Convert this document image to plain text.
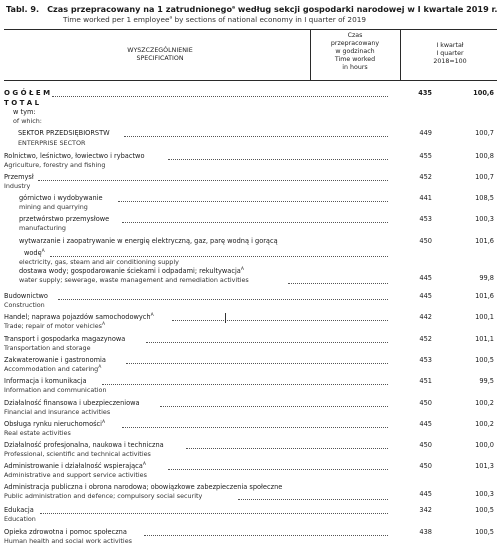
Tabl. 9. Czas przepracowany na 1 zatrudnionego$^a$ według sekcji gospodarki narodowej w I kwartale 2019 r.
Time worked per 1 employee$^a$ by sections of national economy in I quarter of 2019
WYSZCZEGÓLNIENIE
SPECIFICATION
Czas
przepracowany
w godzinach
Time worked
in hours
I kwartał
I quarter
2018=100
O G Ó Ł E M	435	100,6
T O T A L
w tym:
of which:
SEKTOR PRZEDSIĘBIORSTW	449	100,7
ENTERPRISE SECTOR
Rolnictwo, leśnictwo, łowiectwo i rybactwo	455	100,8
Agriculture, forestry and fishing
Przemysł	452	100,7
Industry
górnictwo i wydobywanie	441	108,5
mining and quarrying
przetwórstwo przemysłowe	453	100,3
manufacturing
wytwarzanie i zaopatrywanie w energię elektryczną, gaz, parę wodną i gorącą	450	101,6
wodę$^A$
electricity, gas, steam and air conditioning supply
dostawa wody; gospodarowanie ściekami i odpadami; rekultywacja$^A$
water supply; sewerage, waste management and remediation activities	445	99,8
Budownictwo	445	101,6
Construction
Handel; naprawa pojazdów samochodowych$^A$	442	100,1
Trade; repair of motor vehicles$^A$
Transport i gospodarka magazynowa	452	101,1
Transportation and storage
Zakwaterowanie i gastronomia	453	100,5
Accommodation and catering$^A$
Informacja i komunikacja	451	99,5
Information and communication
Działalność finansowa i ubezpieczeniowa	450	100,2
Financial and insurance activities
Obsługa rynku nieruchomości$^A$	445	100,2
Real estate activities
Działalność profesjonalna, naukowa i techniczna	450	100,0
Professional, scientific and technical activities
Administrowanie i działalność wspierająca$^A$	450	101,3
Administrative and support service activities
Administracja publiczna i obrona narodowa; obowiązkowe zabezpieczenia społeczne
Public administration and defence; compulsory social security	445	100,3
Edukacja	342	100,5
Education
Opieka zdrowotna i pomoc społeczna	438	100,5
Human health and social work activities
